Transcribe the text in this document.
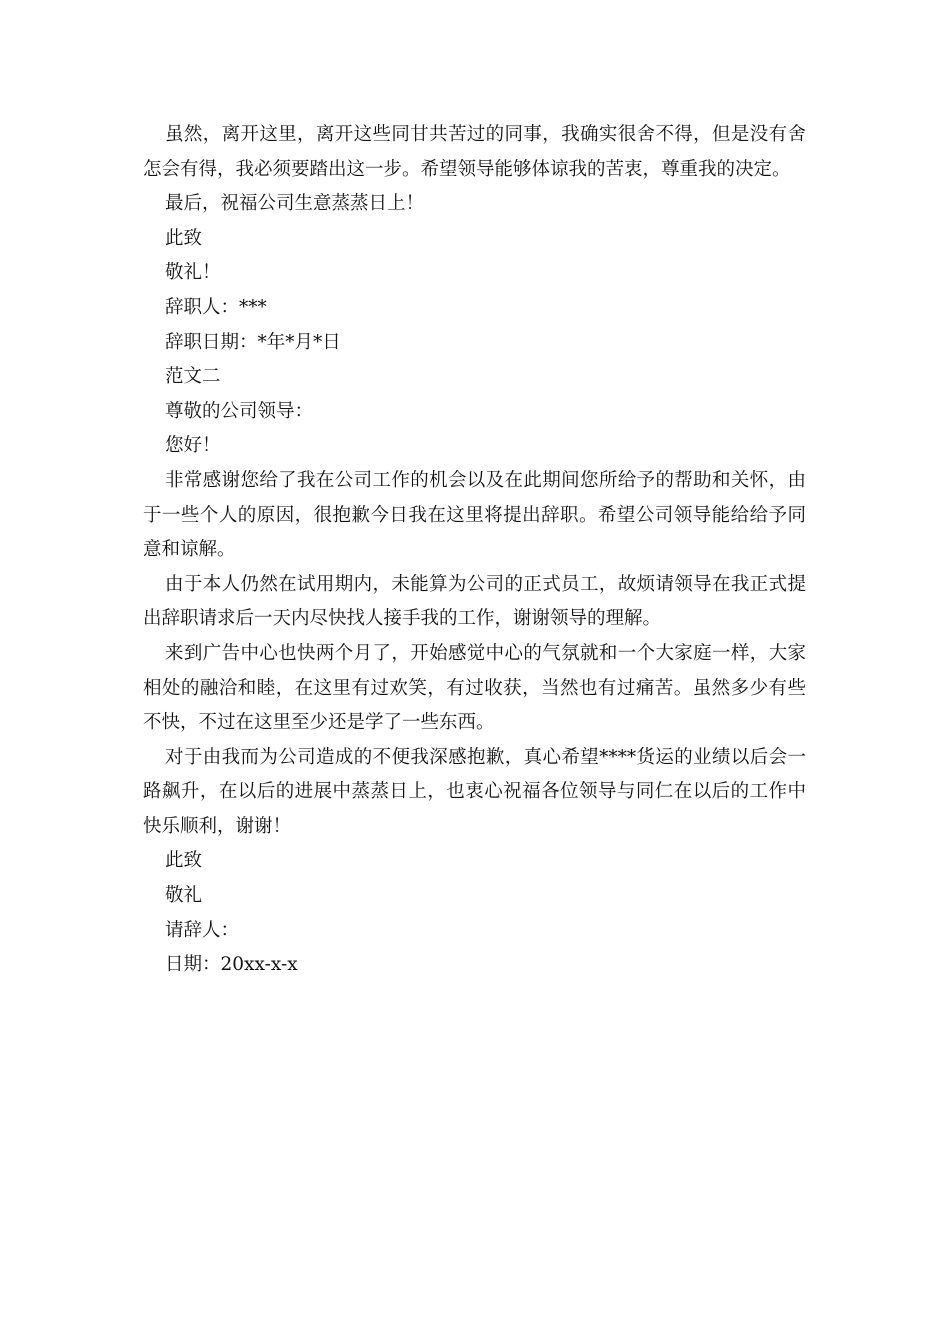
虽然，离开这里，离开这些同甘共苦过的同事，我确实很舍不得，但是没有舍怎会有得，我必须要踏出这一步。希望领导能够体谅我的苦衷，尊重我的决定。

最后，祝福公司生意蒸蒸日上！

此致

敬礼！

辞职人：***

辞职日期：*年*月*日

范文二

尊敬的公司领导：

您好！

非常感谢您给了我在公司工作的机会以及在此期间您所给予的帮助和关怀，由于一些个人的原因，很抱歉今日我在这里将提出辞职。希望公司领导能给给予同意和谅解。

由于本人仍然在试用期内，未能算为公司的正式员工，故烦请领导在我正式提出辞职请求后一天内尽快找人接手我的工作，谢谢领导的理解。

来到广告中心也快两个月了，开始感觉中心的气氛就和一个大家庭一样，大家相处的融洽和睦，在这里有过欢笑，有过收获，当然也有过痛苦。虽然多少有些不快，不过在这里至少还是学了一些东西。

对于由我而为公司造成的不便我深感抱歉，真心希望****货运的业绩以后会一路飙升，在以后的进展中蒸蒸日上，也衷心祝福各位领导与同仁在以后的工作中快乐顺利，谢谢！

此致

敬礼

请辞人：

日期：20xx-x-x
